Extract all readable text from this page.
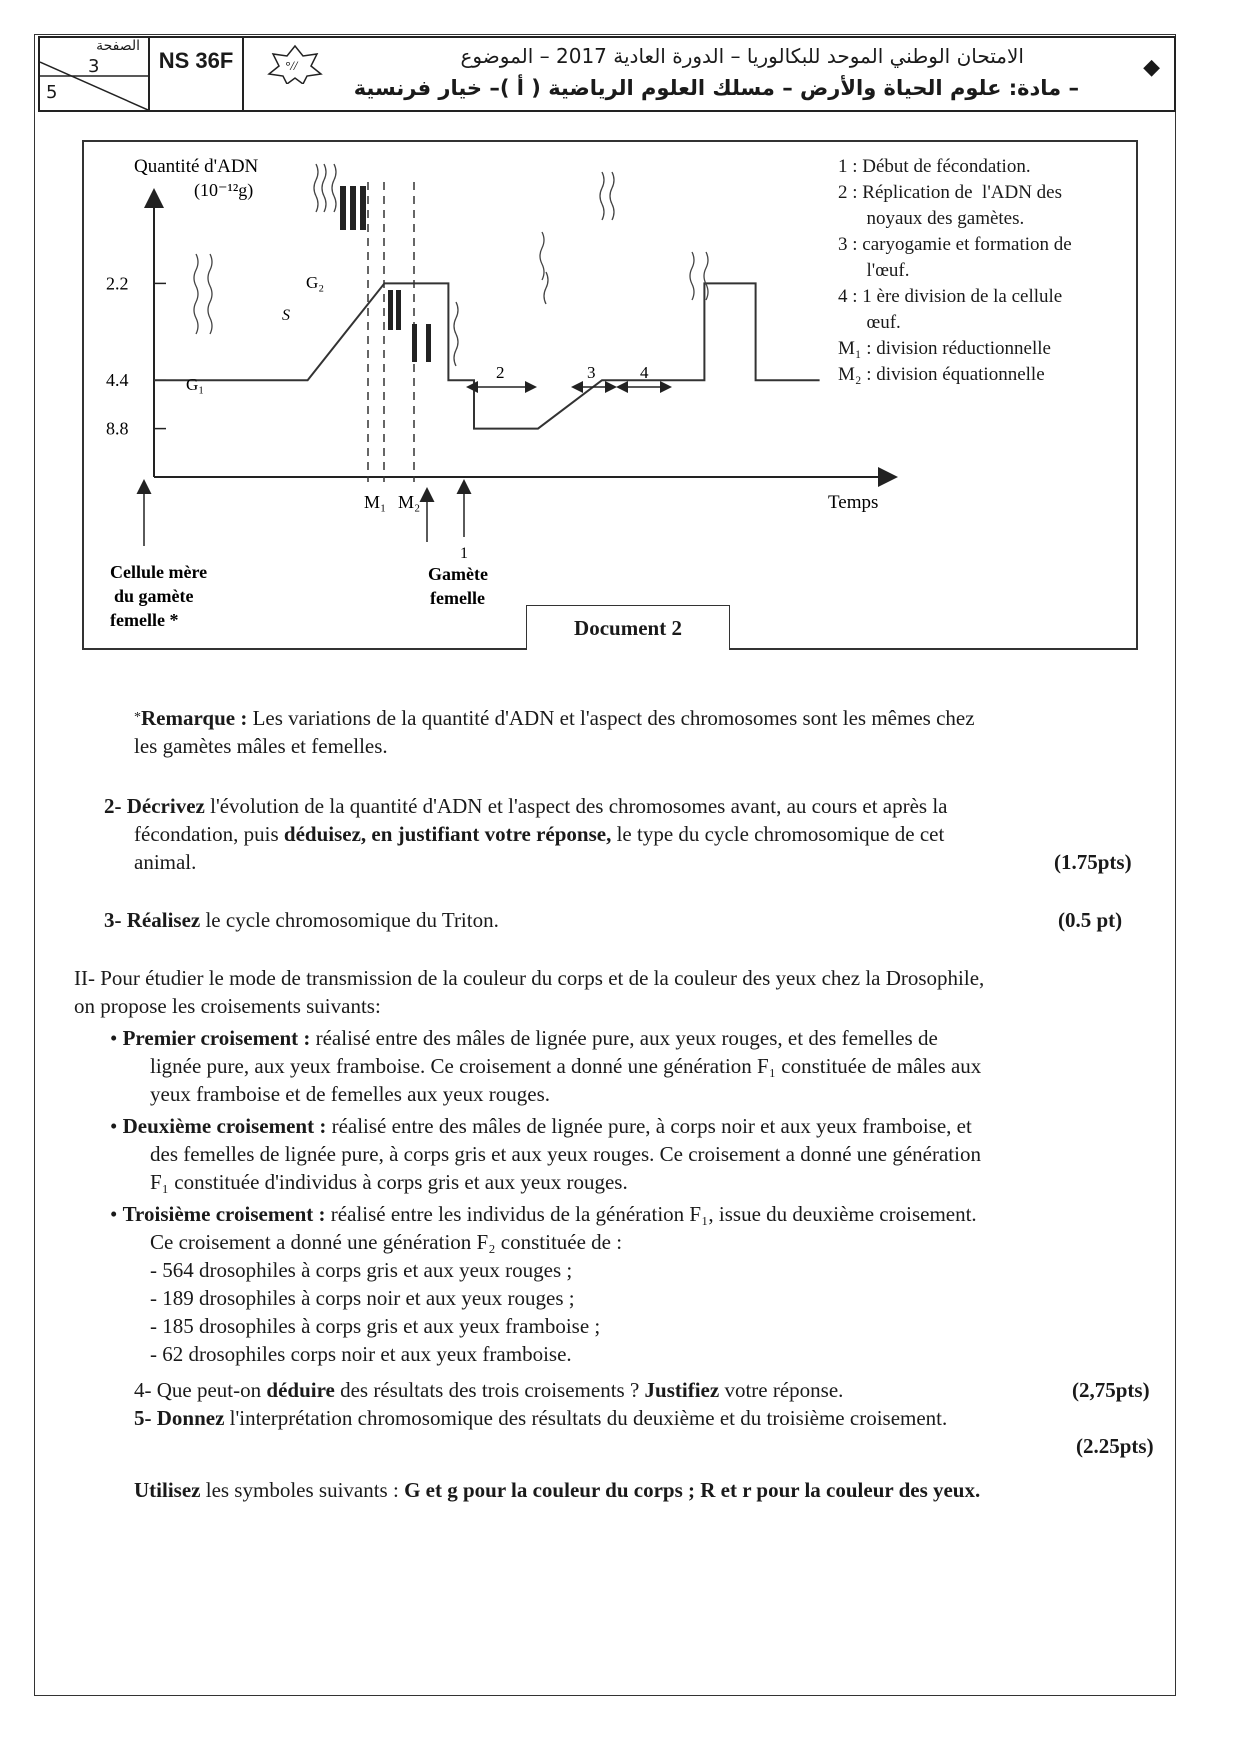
الصفحة
3
5
NS 36F	°//	الامتحان الوطني الموحد للبكالوريا – الدورة العادية 2017 – الموضوع
– مادة: علوم الحياة والأرض – مسلك العلوم الرياضية ( أ )– خيار فرنسية
◆
Quantité d'ADN
(10⁻¹²g)
Temps
8.8
4.4
2.2
G₁
S
G₂
M₁ M₂
2	3	4
1
Cellule mère
du gamète
femelle *
Gamète
femelle
Document 2
1 : Début de fécondation.
2 : Réplication de  l'ADN des
noyaux des gamètes.
3 : caryogamie et formation de
l'œuf.
4 : 1 ère division de la cellule
œuf.
M₁ : division réductionnelle
M₂ : division équationnelle
*Remarque : Les variations de la quantité d'ADN et l'aspect des chromosomes sont les mêmes chez
les gamètes mâles et femelles.
2- Décrivez l'évolution de la quantité d'ADN et l'aspect des chromosomes avant, au cours et après la
fécondation, puis déduisez, en justifiant votre réponse, le type du cycle chromosomique de cet
animal.	(1.75pts)
3- Réalisez le cycle chromosomique du Triton.	(0.5 pt)
II- Pour étudier le mode de transmission de la couleur du corps et de la couleur des yeux chez la Drosophile,
on propose les croisements suivants:
• Premier croisement : réalisé entre des mâles de lignée pure, aux yeux rouges, et des femelles de
lignée pure, aux yeux framboise. Ce croisement a donné une génération F₁ constituée de mâles aux
yeux framboise et de femelles aux yeux rouges.
• Deuxième croisement : réalisé entre des mâles de lignée pure, à corps noir et aux yeux framboise, et
des femelles de lignée pure, à corps gris et aux yeux rouges. Ce croisement a donné une génération
F₁ constituée d'individus à corps gris et aux yeux rouges.
• Troisième croisement : réalisé entre les individus de la génération F₁, issue du deuxième croisement.
Ce croisement a donné une génération F₂ constituée de :
- 564 drosophiles à corps gris et aux yeux rouges ;
- 189 drosophiles à corps noir et aux yeux rouges ;
- 185 drosophiles à corps gris et aux yeux framboise ;
- 62 drosophiles corps noir et aux yeux framboise.
4- Que peut-on déduire des résultats des trois croisements ? Justifiez votre réponse.	(2,75pts)
5- Donnez l'interprétation chromosomique des résultats du deuxième et du troisième croisement.
(2.25pts)
Utilisez les symboles suivants : G et g pour la couleur du corps ; R et r pour la couleur des yeux.
